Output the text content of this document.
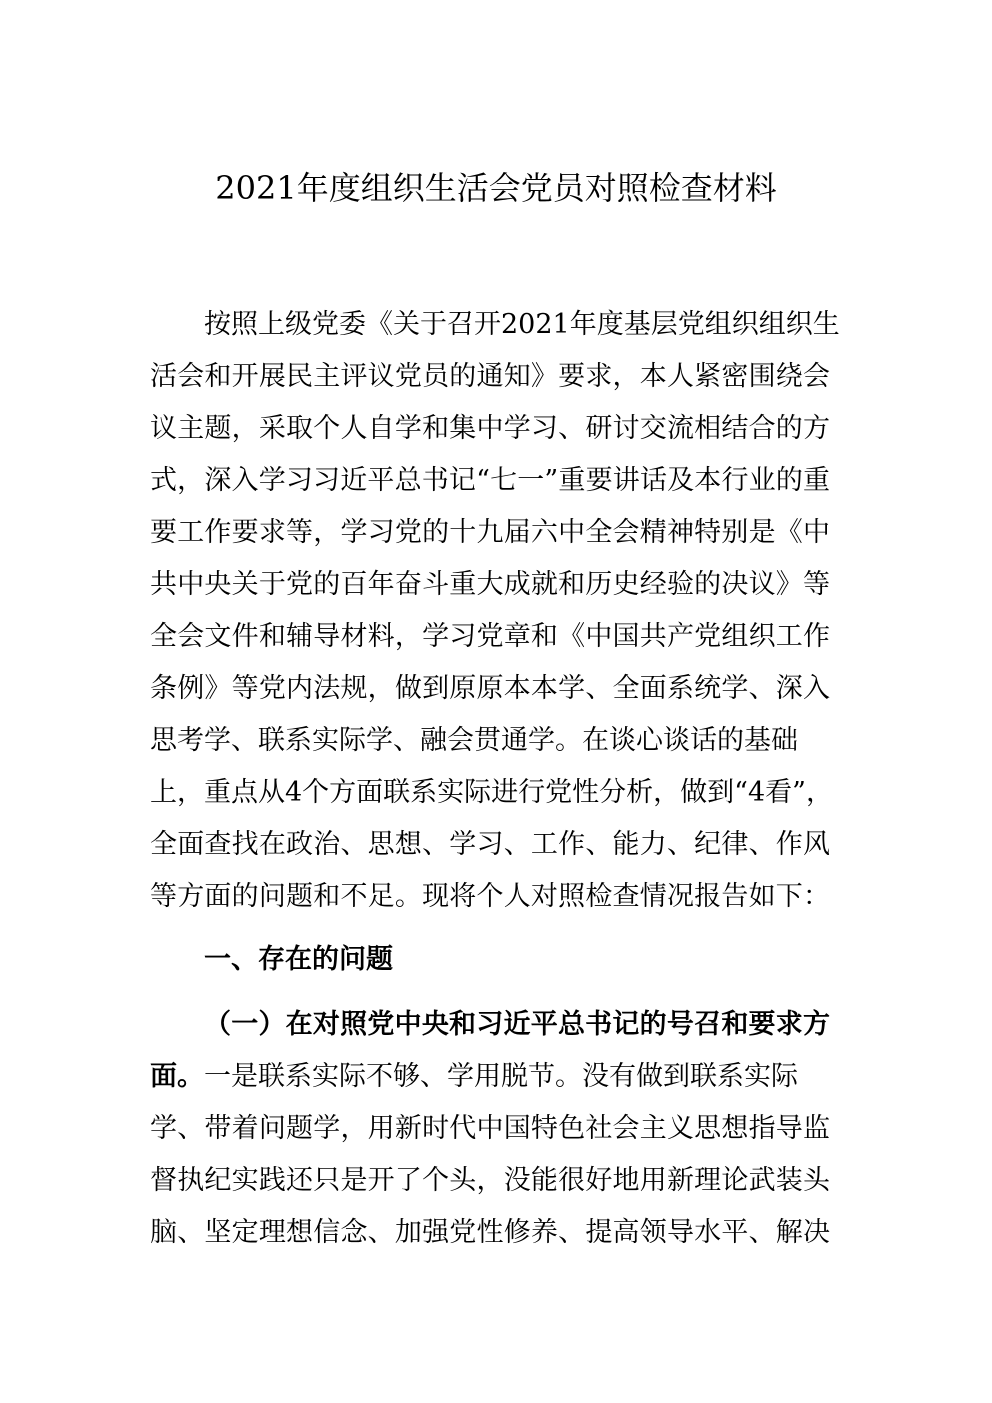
2021年度组织生活会党员对照检查材料
按照上级党委《关于召开2021年度基层党组织组织生
活会和开展民主评议党员的通知》要求，本人紧密围绕会
议主题，采取个人自学和集中学习、研讨交流相结合的方
式，深入学习习近平总书记“七一”重要讲话及本行业的重
要工作要求等，学习党的十九届六中全会精神特别是《中
共中央关于党的百年奋斗重大成就和历史经验的决议》等
全会文件和辅导材料，学习党章和《中国共产党组织工作
条例》等党内法规，做到原原本本学、全面系统学、深入
思考学、联系实际学、融会贯通学。在谈心谈话的基础
上，重点从4个方面联系实际进行党性分析，做到“4看”，
全面查找在政治、思想、学习、工作、能力、纪律、作风
等方面的问题和不足。现将个人对照检查情况报告如下：
一、存在的问题
（一）在对照党中央和习近平总书记的号召和要求方
面。一是联系实际不够、学用脱节。没有做到联系实际
学、带着问题学，用新时代中国特色社会主义思想指导监
督执纪实践还只是开了个头，没能很好地用新理论武装头
脑、坚定理想信念、加强党性修养、提高领导水平、解决
